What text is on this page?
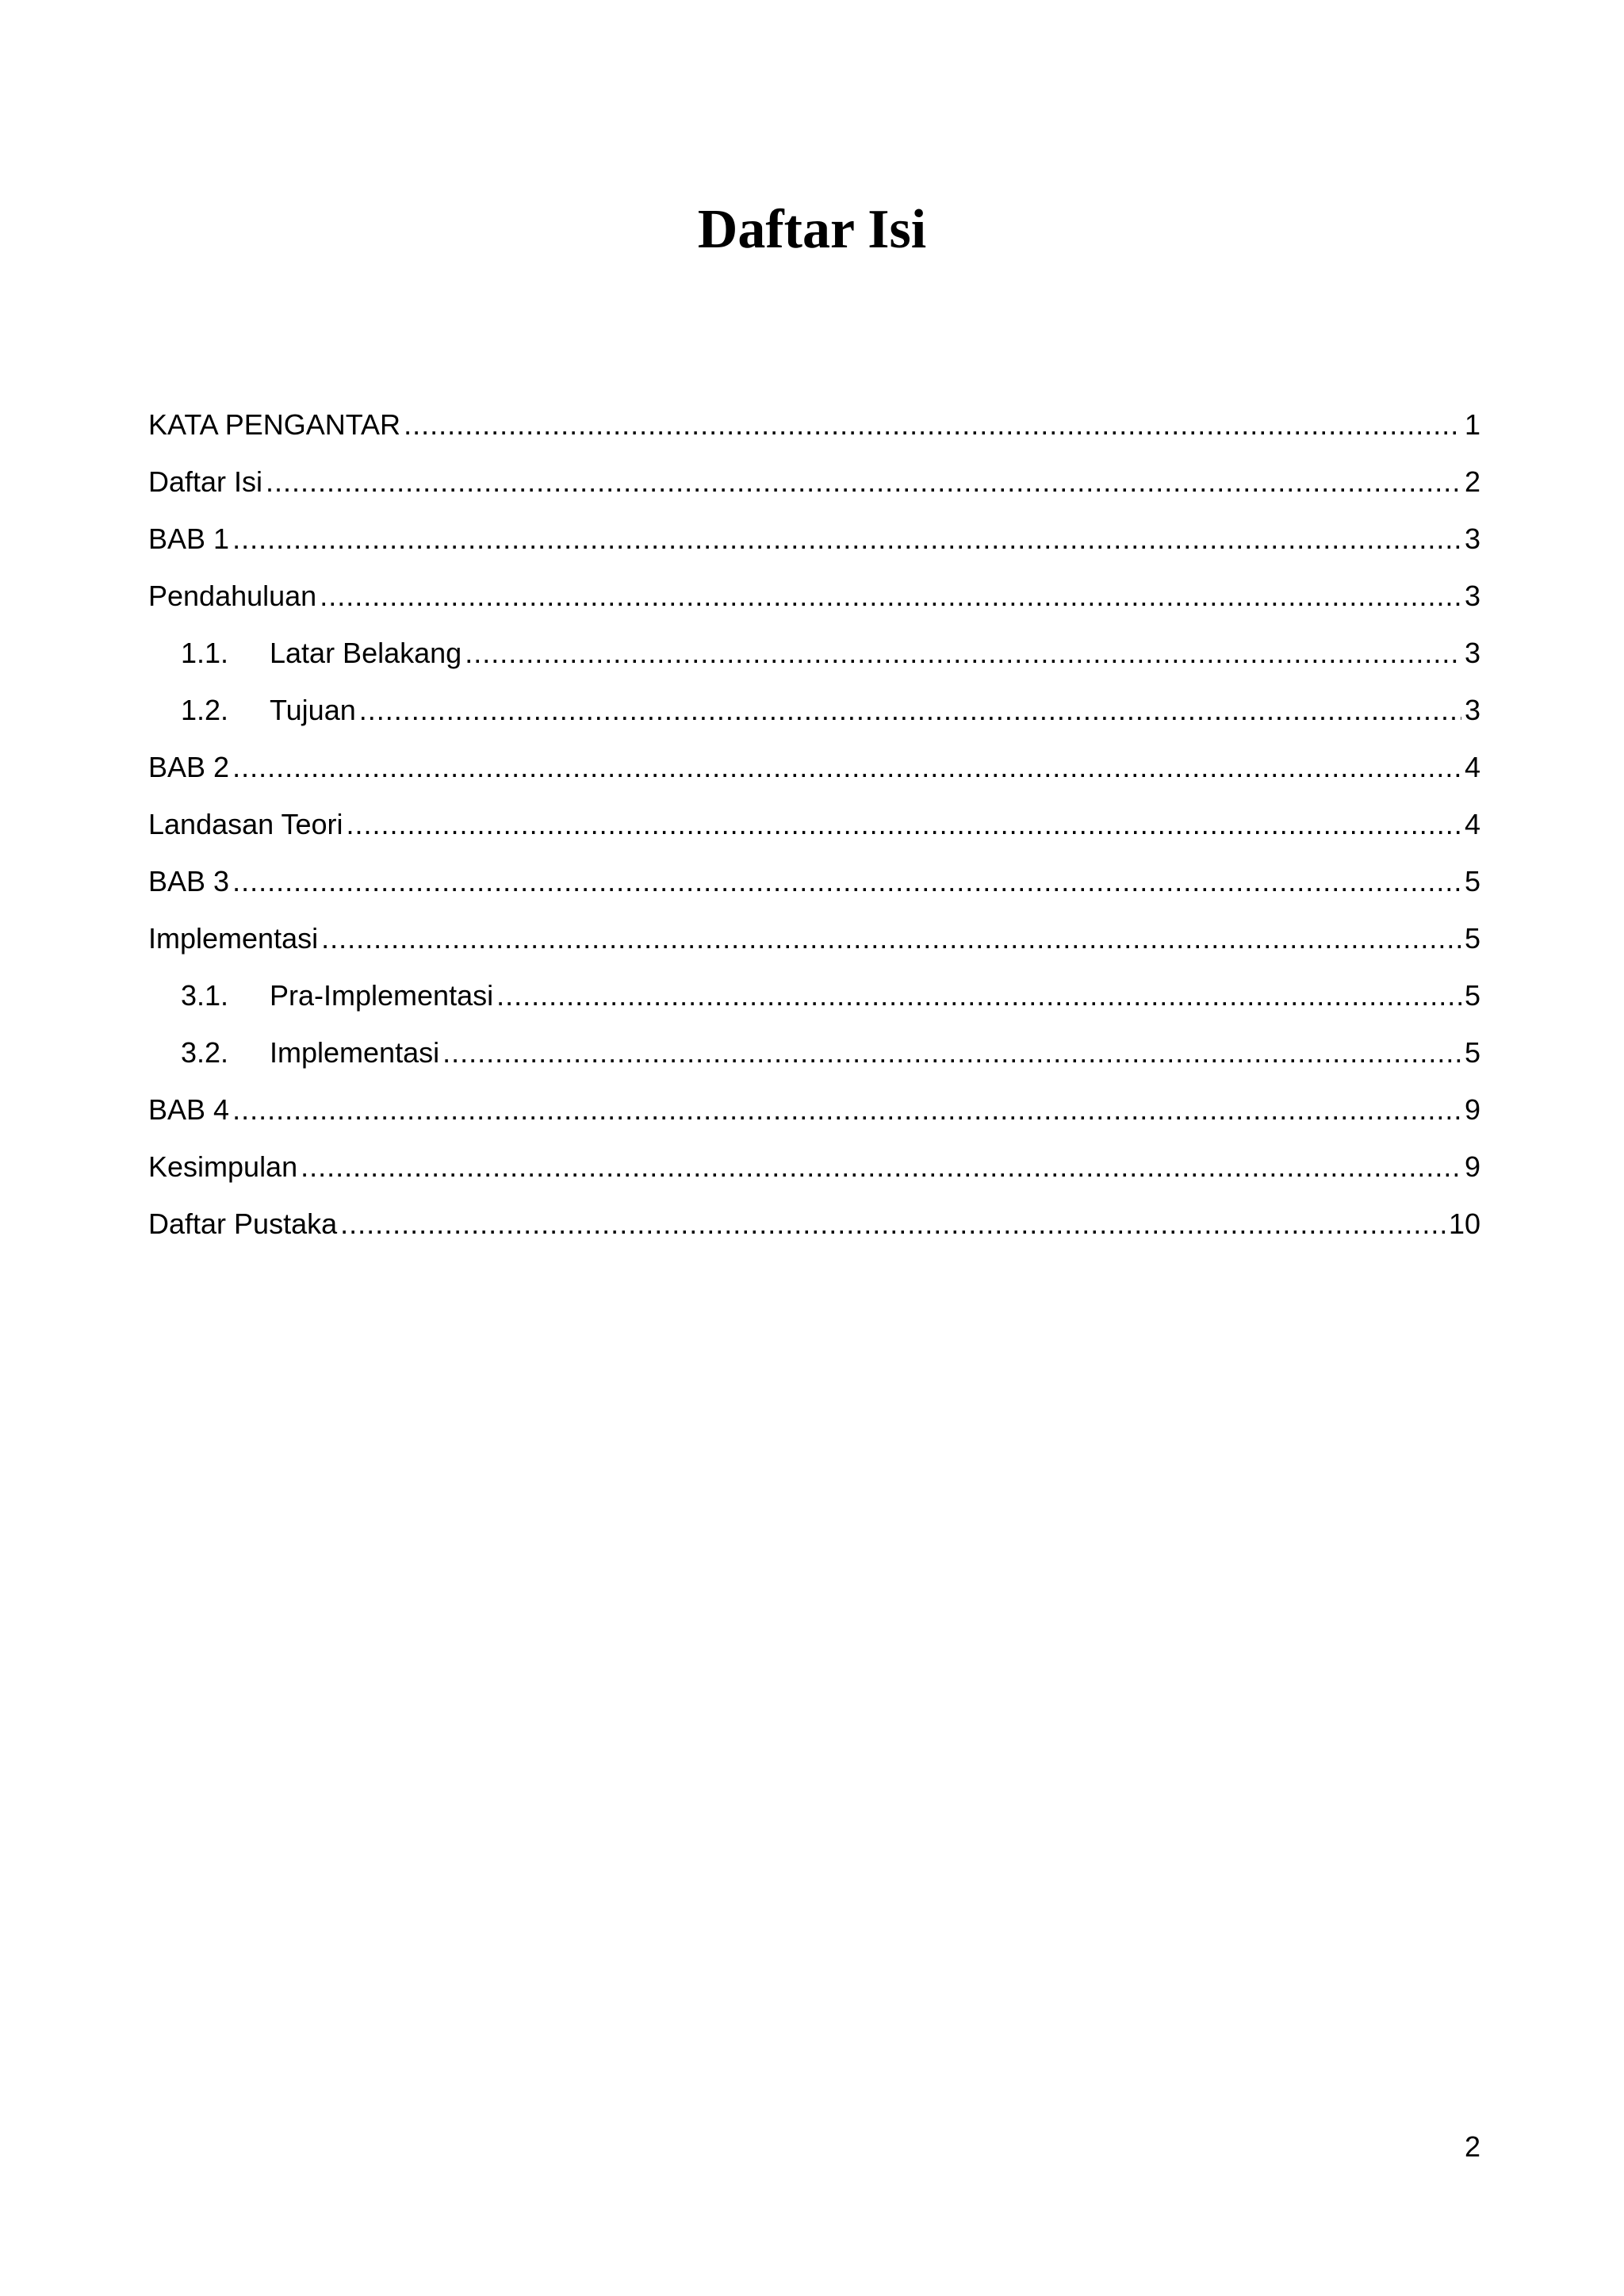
Daftar Isi
KATA PENGANTAR .....	1
Daftar Isi .....	2
BAB 1 .....	3
Pendahuluan .....	3
1.1.	Latar Belakang .....	3
1.2.	Tujuan .....	3
BAB 2 .....	4
Landasan Teori .....	4
BAB 3 .....	5
Implementasi .....	5
3.1.	Pra-Implementasi .....	5
3.2.	Implementasi .....	5
BAB 4 .....	9
Kesimpulan .....	9
Daftar Pustaka .....	10
2
